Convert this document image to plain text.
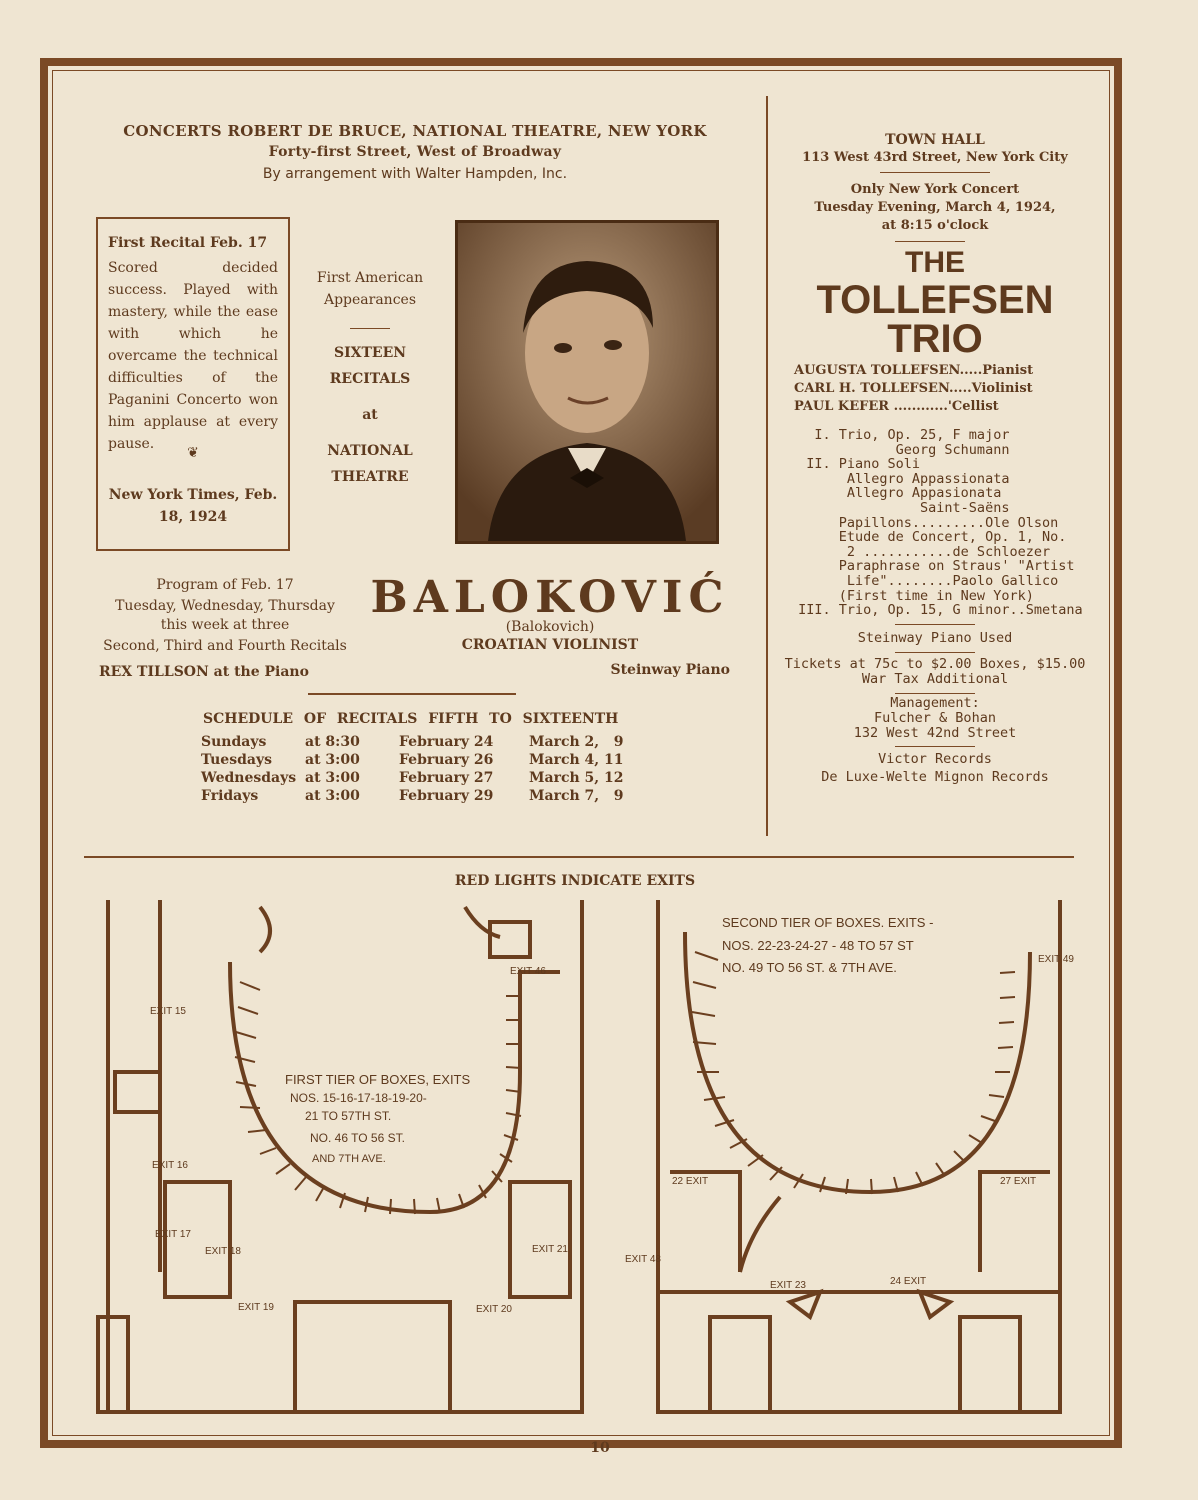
CONCERTS ROBERT DE BRUCE, NATIONAL THEATRE, NEW YORK
Forty-first Street, West of Broadway
By arrangement with Walter Hampden, Inc.
First Recital Feb. 17
Scored decided success. Played with mastery, while the ease with which he overcame the technical difficulties of the Paganini Concerto won him applause at every pause.
❦
New York Times, Feb.
18, 1924
First American
Appearances
SIXTEEN
RECITALS
at
NATIONAL
THEATRE
Program of Feb. 17
Tuesday, Wednesday, Thursday
this week at three
Second, Third and Fourth Recitals
REX TILLSON at the Piano
BALOKOVIĆ
(Balokovich)
CROATIAN VIOLINIST
Steinway Piano
SCHEDULE OF RECITALS FIFTH TO SIXTEENTH
Sundays	at 8:30	February 24	March 2,   9
Tuesdays	at 3:00	February 26	March 4, 11
Wednesdays	at 3:00	February 27	March 5, 12
Fridays	at 3:00	February 29	March 7,   9
TOWN HALL
113 West 43rd Street, New York City
Only New York Concert
Tuesday Evening, March 4, 1924,
at 8:15 o'clock
THE
TOLLEFSEN
TRIO
AUGUSTA TOLLEFSEN.....Pianist
CARL H. TOLLEFSEN.....Violinist
PAUL KEFER ............'Cellist
I. Trio, Op. 25, F major
Georg Schumann
II. Piano Soli
Allegro Appassionata
Allegro Appasionata
Saint-Saëns
Papillons.........Ole Olson
Etude de Concert, Op. 1, No.
2 ...........de Schloezer
Paraphrase on Straus' "Artist
Life"........Paolo Gallico
(First time in New York)
III. Trio, Op. 15, G minor..Smetana
Steinway Piano Used
Tickets at 75c to $2.00 Boxes, $15.00
War Tax Additional
Management:
Fulcher & Bohan
132 West 42nd Street
Victor Records
De Luxe-Welte Mignon Records
RED LIGHTS INDICATE EXITS
FIRST TIER OF BOXES, EXITS
NOS. 15-16-17-18-19-20-
21 TO 57TH ST.
NO. 46 TO 56 ST.
AND 7TH AVE.
EXIT 15
EXIT 16
EXIT 17
EXIT 18
EXIT 19	EXIT 20
EXIT 21
EXIT 46
SECOND TIER OF BOXES. EXITS -
NOS. 22-23-24-27 - 48 TO 57 ST
NO. 49 TO 56 ST. & 7TH AVE.
EXIT 49
22 EXIT	27 EXIT
EXIT 48
EXIT 23	24 EXIT
10
